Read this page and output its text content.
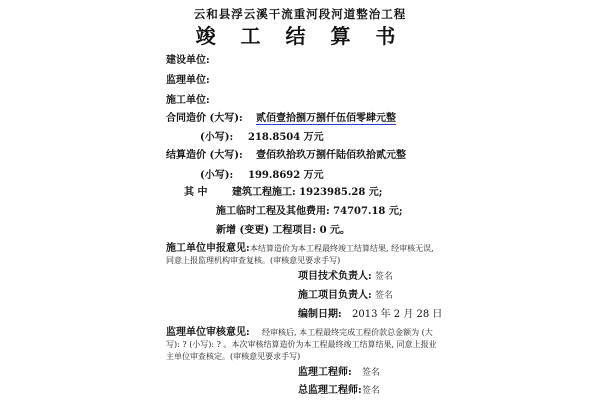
云和县浮云溪干流重河段河道整治工程
竣 工 结 算 书
建设单位:
监理单位:
施工单位:
合同造价 (大写): 贰佰壹拾捌万捌仟伍佰零肆元整
(小写): 218.8504 万元
结算造价 (大写): 壹佰玖拾玖万捌仟陆佰玖拾贰元整
(小写): 199.8692 万元
其 中 建筑工程施工: 1923985.28 元;
施工临时工程及其他费用: 74707.18 元;
新增 (变更) 工程项目: 0 元。
施工单位申报意见: 本结算造价为本工程最终竣工结算结果, 经审核无误, 同意上报监理机构审查复核。(审核意见要求手写)
项目技术负责人: 签名
施工项目负责人: 签名
编制日期: 2013 年 2 月 28 日
监理单位审核意见:	经审核后, 本工程最终完成工程价款总金额为 (大写): ? (小写): ? 。本次审核结算造价为本工程最终竣工结算结果, 同意上报业主单位审查核定。(审核意见要求手写)
监理工程师: 签名
总监理工程师: 签名
